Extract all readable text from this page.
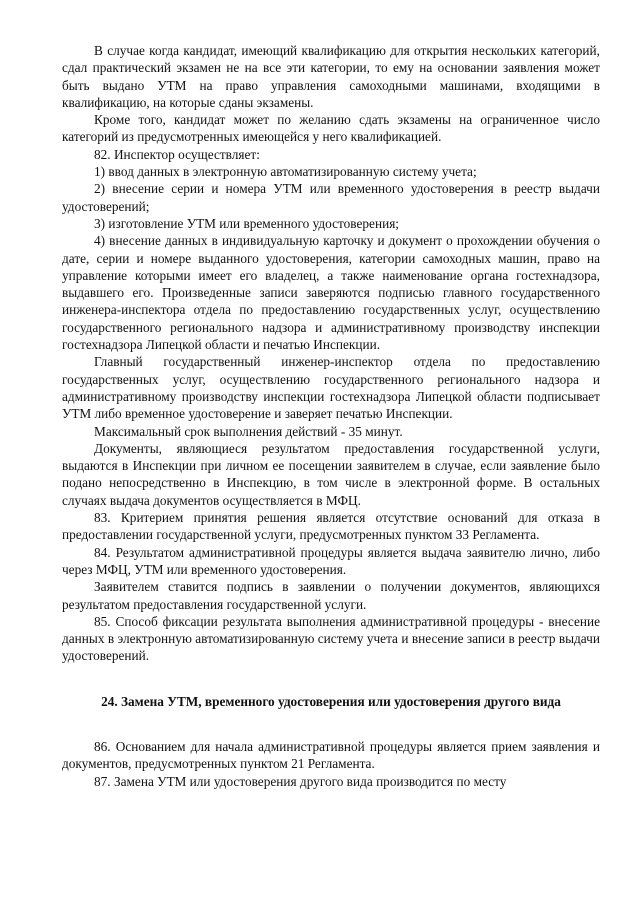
В случае когда кандидат, имеющий квалификацию для открытия нескольких категорий, сдал практический экзамен не на все эти категории, то ему на основании заявления может быть выдано УТМ на право управления самоходными машинами, входящими в квалификацию, на которые сданы экзамены.

Кроме того, кандидат может по желанию сдать экзамены на ограниченное число категорий из предусмотренных имеющейся у него квалификацией.

82. Инспектор осуществляет:

1) ввод данных в электронную автоматизированную систему учета;

2) внесение серии и номера УТМ или временного удостоверения в реестр выдачи удостоверений;

3) изготовление УТМ или временного удостоверения;

4) внесение данных в индивидуальную карточку и документ о прохождении обучения о дате, серии и номере выданного удостоверения, категории самоходных машин, право на управление которыми имеет его владелец, а также наименование органа гостехнадзора, выдавшего его. Произведенные записи заверяются подписью главного государственного инженера-инспектора отдела по предоставлению государственных услуг, осуществлению государственного регионального надзора и административному производству инспекции гостехнадзора Липецкой области и печатью Инспекции.

Главный государственный инженер-инспектор отдела по предоставлению государственных услуг, осуществлению государственного регионального надзора и административному производству инспекции гостехнадзора Липецкой области подписывает УТМ либо временное удостоверение и заверяет печатью Инспекции.

Максимальный срок выполнения действий - 35 минут.

Документы, являющиеся результатом предоставления государственной услуги, выдаются в Инспекции при личном ее посещении заявителем в случае, если заявление было подано непосредственно в Инспекцию, в том числе в электронной форме. В остальных случаях выдача документов осуществляется в МФЦ.

83. Критерием принятия решения является отсутствие оснований для отказа в предоставлении государственной услуги, предусмотренных пунктом 33 Регламента.

84. Результатом административной процедуры является выдача заявителю лично, либо через МФЦ, УТМ или временного удостоверения.

Заявителем ставится подпись в заявлении о получении документов, являющихся результатом предоставления государственной услуги.

85. Способ фиксации результата выполнения административной процедуры - внесение данных в электронную автоматизированную систему учета и внесение записи в реестр выдачи удостоверений.

24. Замена УТМ, временного удостоверения или удостоверения другого вида

86. Основанием для начала административной процедуры является прием заявления и документов, предусмотренных пунктом 21 Регламента.

87. Замена УТМ или удостоверения другого вида производится по месту
